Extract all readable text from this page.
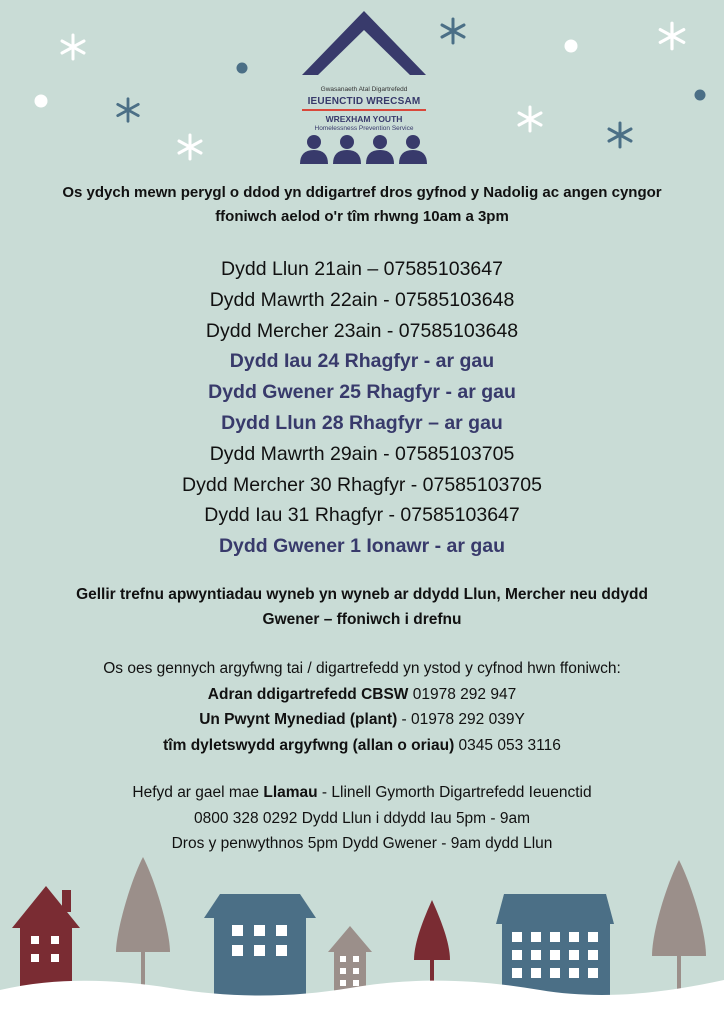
Gwasanaeth Atal Digartrefedd
IEUENCTID WRECSAM
WREXHAM YOUTH
Homelessness Prevention Service
Os ydych mewn perygl o ddod yn ddigartref dros gyfnod y Nadolig ac angen cyngor
ffoniwch aelod o'r tîm rhwng 10am a 3pm
Dydd Llun 21ain – 07585103647
Dydd Mawrth 22ain - 07585103648
Dydd Mercher 23ain - 07585103648
Dydd Iau 24 Rhagfyr - ar gau
Dydd Gwener 25 Rhagfyr - ar gau
Dydd Llun 28 Rhagfyr – ar gau
Dydd Mawrth 29ain - 07585103705
Dydd Mercher 30 Rhagfyr - 07585103705
Dydd Iau 31 Rhagfyr - 07585103647
Dydd Gwener 1 Ionawr - ar gau
Gellir trefnu apwyntiadau wyneb yn wyneb ar ddydd Llun, Mercher neu ddydd
Gwener – ffoniwch i drefnu
Os oes gennych argyfwng tai / digartrefedd yn ystod y cyfnod hwn ffoniwch:
Adran ddigartrefedd CBSW 01978 292 947
Un Pwynt Mynediad (plant) - 01978 292 039Y
tîm dyletswydd argyfwng (allan o oriau) 0345 053 3116
Hefyd ar gael mae Llamau - Llinell Gymorth Digartrefedd Ieuenctid
0800 328 0292 Dydd Llun i ddydd Iau 5pm - 9am
Dros y penwythnos 5pm Dydd Gwener - 9am dydd Llun
